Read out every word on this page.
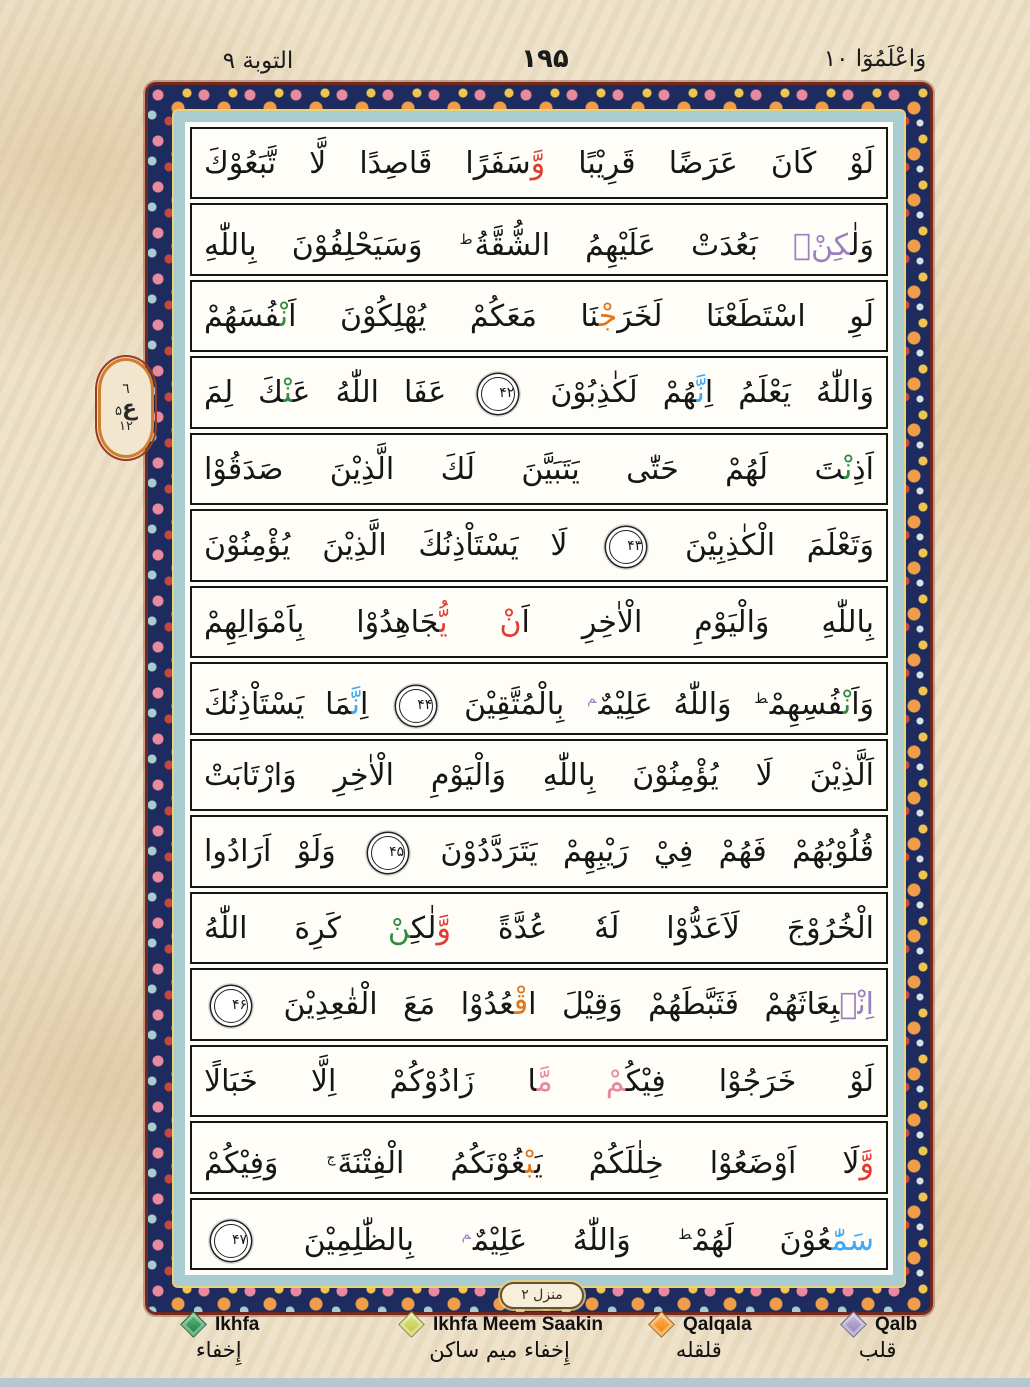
التوبة ٩	۱۹۵	وَاعْلَمُوٓا ١٠
لَوْ كَانَ عَرَضًا قَرِيْبًا وَّسَفَرًا قَاصِدًا لَّا تَّبَعُوْكَ
وَلٰ‍‍كِنْۢ بَعُدَتْ عَلَيْهِمُ الشُّقَّةُ$^ط$ وَسَيَحْلِفُوْنَ بِاللّٰهِ
لَوِ اسْتَطَعْنَا لَخَرَجْ‍‍نَا مَعَكُمْ يُهْلِكُوْنَ اَنْ‍‍فُسَهُمْ
وَاللّٰهُ يَعْلَمُ اِنَّ‍‍هُمْ لَكٰذِبُوْنَ ۴۲ عَفَا اللّٰهُ عَ‍‍نْ‍‍كَ لِمَ
اَذِنْ‍‍تَ لَهُمْ حَتّٰى يَتَبَيَّنَ لَكَ الَّذِيْنَ صَدَقُوْا
وَتَعْلَمَ الْكٰذِبِيْنَ ۴۳ لَا يَسْتَاْذِنُكَ الَّذِيْنَ يُؤْمِنُوْنَ
بِاللّٰهِ وَالْيَوْمِ الْاٰخِرِ اَنْ يُّ‍‍جَاهِدُوْا بِاَمْوَالِهِمْ
وَاَنْ‍‍فُسِهِمْ$^ط$ وَاللّٰهُ عَلِيْمٌ$^م$ بِالْمُتَّقِيْنَ ۴۴ اِنَّ‍‍مَا يَسْتَاْذِنُكَ
اَلَّذِيْنَ لَا يُؤْمِنُوْنَ بِاللّٰهِ وَالْيَوْمِ الْاٰخِرِ وَارْتَابَتْ
قُلُوْبُهُمْ فَهُمْ فِيْ رَيْبِهِمْ يَتَرَدَّدُوْنَ ۴۵ وَلَوْ اَرَادُوا
الْخُرُوْجَ لَاَعَدُّوْا لَهٗ عُدَّةً وَّلٰكِ‍‍نْ كَرِهَ اللّٰهُ
اِنْۢ‍‍بِعَاثَهُمْ فَثَبَّطَهُمْ وَقِيْلَ اقْ‍‍عُدُوْا مَعَ الْقٰعِدِيْنَ ۴۶
لَوْ خَرَجُوْا فِيْكُ‍‍مْ مَّ‍‍ا زَادُوْكُمْ اِلَّا خَبَالًا
وَّلَا اَوْضَعُوْا خِلٰلَكُمْ يَ‍‍بْ‍‍غُوْنَكُمُ الْفِتْنَةَ$^ج$ وَفِيْكُمْ
سَمّٰ‍‍عُوْنَ لَهُمْ$^ط$ وَاللّٰهُ عَلِيْمٌ$^م$ بِالظّٰلِمِيْنَ ۴۷
٦
ع۵
١٢
منزل ٢
Ikhfa
إِخفاء
Ikhfa Meem Saakin
إِخفاء ميم ساكن
Qalqala
قلقله
Qalb
قلب
